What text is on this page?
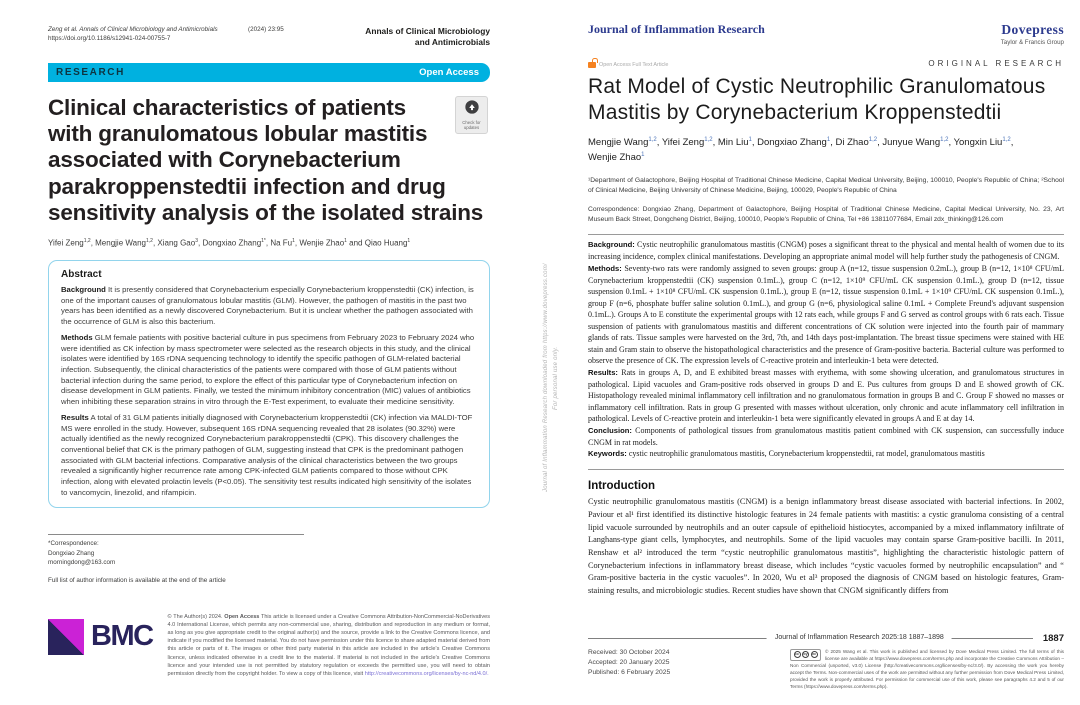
Zeng et al. Annals of Clinical Microbiology and Antimicrobials
https://doi.org/10.1186/s12941-024-00755-7
(2024) 23:95	Annals of Clinical Microbiology
and Antimicrobials
RESEARCH	Open Access
Check for updates
Clinical characteristics of patients
with granulomatous lobular mastitis
associated with Corynebacterium
parakroppenstedtii infection and drug
sensitivity analysis of the isolated strains

Yifei Zeng$^{1,2}$, Mengjie Wang$^{1,2}$, Xiang Gao$^3$, Dongxiao Zhang$^{1*}$, Na Fu$^1$, Wenjie Zhao$^1$ and Qiao Huang$^1$

Abstract

Background It is presently considered that Corynebacterium especially Corynebacterium kroppenstedtii (CK) infection, is one of the important causes of granulomatous lobular mastitis (GLM). However, the pathogen of mastitis in the past two years has been identified as a newly discovered Corynebacterium. But it is unclear whether the pathogen associated with the occurrence of GLM is also this bacterium.

Methods GLM female patients with positive bacterial culture in pus specimens from February 2023 to February 2024 who were identified as CK infection by mass spectrometer were selected as the research objects in this study, and the clinical isolates were identified by 16S rDNA sequencing technology to identify the specific pathogen of GLM-related bacterial infection. Subsequently, the clinical characteristics of the patients were compared with those of GLM patients without bacterial infection during the same period, to explore the effect of this particular type of Corynebacterium infection on disease development in GLM patients. Finally, we tested the minimum inhibitory concentration (MIC) values of antibiotics when inhibiting these separation strains in vitro through the E-Test experiment, to evaluate their medicine sensitivity.

Results A total of 31 GLM patients initially diagnosed with Corynebacterium kroppenstedtii (CK) infection via MALDI-TOF MS were enrolled in the study. However, subsequent 16S rDNA sequencing revealed that 28 isolates (90.32%) were actually identified as the newly recognized Corynebacterium parakroppenstedtii (CPK). This discovery challenges the conventional belief that CK is the primary pathogen of GLM, suggesting instead that CPK is the predominant pathogen associated with GLM bacterial infections. Comparative analysis of the clinical characteristics between the two groups revealed a significantly higher recurrence rate among CPK-infected GLM patients compared to those without CPK infection, along with elevated prolactin levels (P<0.05). The sensitivity test results indicated high sensitivity of the isolates to vancomycin, linezolid, and rifampicin.

*Correspondence:
Dongxiao Zhang
morningdong@163.com
Full list of author information is available at the end of the article
BMC

© The Author(s) 2024. Open Access This article is licensed under a Creative Commons Attribution-NonCommercial-NoDerivatives 4.0 International License, which permits any non-commercial use, sharing, distribution and reproduction in any medium or format, as long as you give appropriate credit to the original author(s) and the source, provide a link to the Creative Commons licence, and indicate if you modified the licensed material. You do not have permission under this licence to share adapted material derived from this article or parts of it. The images or other third party material in this article are included in the article's Creative Commons licence, unless indicated otherwise in a credit line to the material. If material is not included in the article's Creative Commons licence and your intended use is not permitted by statutory regulation or exceeds the permitted use, you will need to obtain permission directly from the copyright holder. To view a copy of this licence, visit http://creativecommons.org/licenses/by-nc-nd/4.0/.

Journal of Inflammation Research downloaded from https://www.dovepress.com/ For personal use only.
Journal of Inflammation Research	Dovepress
Taylor & Francis Group
Open Access Full Text Article	ORIGINAL RESEARCH
Rat Model of Cystic Neutrophilic Granulomatous
Mastitis by Corynebacterium Kroppenstedtii

Mengjie Wang$^{1,2}$, Yifei Zeng$^{1,2}$, Min Liu$^1$, Dongxiao Zhang$^1$, Di Zhao$^{1,2}$, Junyue Wang$^{1,2}$, Yongxin Liu$^{1,2}$, Wenjie Zhao$^1$

¹Department of Galactophore, Beijing Hospital of Traditional Chinese Medicine, Capital Medical University, Beijing, 100010, People's Republic of China; ²School of Clinical Medicine, Beijing University of Chinese Medicine, Beijing, 100029, People's Republic of China

Correspondence: Dongxiao Zhang, Department of Galactophore, Beijing Hospital of Traditional Chinese Medicine, Capital Medical University, No. 23, Art Museum Back Street, Dongcheng District, Beijing, 100010, People's Republic of China, Tel +86 13811077684, Email zdx_thinking@126.com

Background: Cystic neutrophilic granulomatous mastitis (CNGM) poses a significant threat to the physical and mental health of women due to its increasing incidence, complex clinical manifestations. Developing an appropriate animal model will help further study the pathogenesis of CNGM.

Methods: Seventy-two rats were randomly assigned to seven groups: group A (n=12, tissue suspension 0.2mL.), group B (n=12, 1×10⁸ CFU/mL Corynebacterium kroppenstedtii (CK) suspension 0.1mL.), group C (n=12, 1×10⁹ CFU/mL CK suspension 0.1mL.), group D (n=12, tissue suspension 0.1mL + 1×10⁸ CFU/mL CK suspension 0.1mL.), group E (n=12, tissue suspension 0.1mL + 1×10⁹ CFU/mL CK suspension 0.1mL.), group F (n=6, phosphate buffer saline solution 0.1mL.), and group G (n=6, physiological saline 0.1mL + Complete Freund's adjuvant suspension 0.1mL.). Groups A to E constitute the experimental groups with 12 rats each, while groups F and G served as control groups with 6 rats each. Tissue suspension of patients with granulomatous mastitis and different concentrations of CK solution were injected into the fourth pair of mammary glands of rats. Tissue samples were harvested on the 3rd, 7th, and 14th days post-implantation. The breast tissue specimens were stained with HE stain and Gram stain to observe the histopathological characteristics and the presence of Gram-positive bacteria. Bacterial culture was performed to observe the presence of CK. The expression levels of C-reactive protein and interleukin-1 beta were detected.

Results: Rats in groups A, D, and E exhibited breast masses with erythema, with some showing ulceration, and granulomatous structures in pathological. Lipid vacuoles and Gram-positive rods observed in groups D and E. Pus cultures from groups D and E showed growth of CK. Histopathology revealed minimal inflammatory cell infiltration and no granulomatous formation in groups B and C. Group F showed no masses or inflammatory cell infiltration. Rats in group G presented with masses without ulceration, only chronic and acute inflammatory cell infiltration in pathological. Levels of C-reactive protein and interleukin-1 beta were significantly elevated in groups A and E at day 14.

Conclusion: Components of pathological tissues from granulomatous mastitis patient combined with CK suspension, can successfully induce CNGM in rat models.

Keywords: cystic neutrophilic granulomatous mastitis, Corynebacterium kroppenstedtii, rat model, granulomatous mastitis

Introduction

Cystic neutrophilic granulomatous mastitis (CNGM) is a benign inflammatory breast disease associated with bacterial infections. In 2002, Paviour et al¹ first identified its distinctive histologic features in 24 female patients with mastitis: a cystic granuloma consisting of a central lipid vacuole surrounded by neutrophils and an outer capsule of epithelioid histiocytes, accompanied by a mixed inflammatory infiltrate of Langhans-type giant cells, lymphocytes, and neutrophils. Some of the lipid vacuoles may contain sparse Gram-positive bacilli. In 2011, Renshaw et al² introduced the term “cystic neutrophilic granulomatous mastitis”, highlighting the characteristic histologic pattern of Corynebacterium infections in inflammatory breast disease, which includes “cystic vacuoles formed by neutrophilic encapsulation” and “ Gram-positive bacteria in the cystic vacuoles”. In 2020, Wu et al³ proposed the diagnosis of CNGM based on histologic features, Gram-staining results, and microbiologic studies. Recent studies have shown that CNGM significantly differs from

Journal of Inflammation Research 2025:18 1887–1898	1887
Received: 30 October 2024
Accepted: 20 January 2025
Published: 6 February 2025
cc	by	nc
© 2025 Wang et al. This work is published and licensed by Dove Medical Press Limited. The full terms of this license are available at https://www.dovepress.com/terms.php and incorporate the Creative Commons Attribution – Non Commercial (unported, v3.0) License (http://creativecommons.org/licenses/by-nc/3.0/). By accessing the work you hereby accept the Terms. Non-commercial uses of the work are permitted without any further permission from Dove Medical Press Limited, provided the work is properly attributed. For permission for commercial use of this work, please see paragraphs 4.2 and 5 of our Terms (https://www.dovepress.com/terms.php).
